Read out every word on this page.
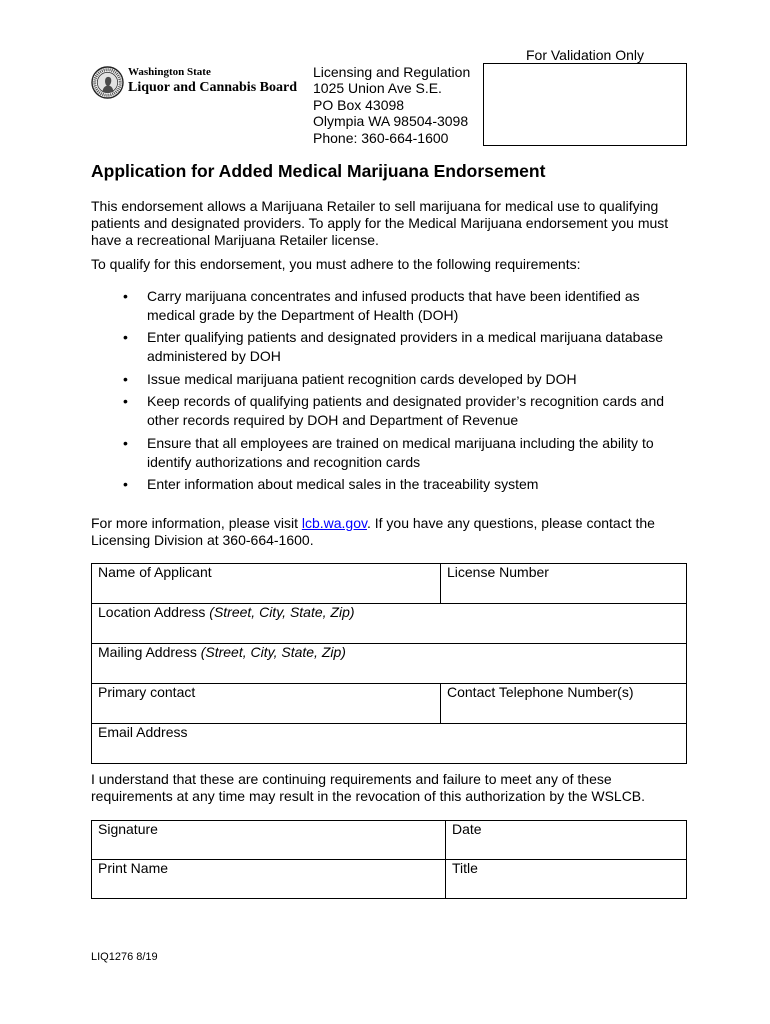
For Validation Only
Washington State
Liquor and Cannabis Board
Licensing and Regulation
1025 Union Ave S.E.
PO Box 43098
Olympia WA 98504-3098
Phone: 360-664-1600
Application for Added Medical Marijuana Endorsement
This endorsement allows a Marijuana Retailer to sell marijuana for medical use to qualifying
patients and designated providers. To apply for the Medical Marijuana endorsement you must
have a recreational Marijuana Retailer license.
To qualify for this endorsement, you must adhere to the following requirements:
• Carry marijuana concentrates and infused products that have been identified as
medical grade by the Department of Health (DOH)
• Enter qualifying patients and designated providers in a medical marijuana database
administered by DOH
• Issue medical marijuana patient recognition cards developed by DOH
• Keep records of qualifying patients and designated provider’s recognition cards and
other records required by DOH and Department of Revenue
• Ensure that all employees are trained on medical marijuana including the ability to
identify authorizations and recognition cards
• Enter information about medical sales in the traceability system
For more information, please visit lcb.wa.gov. If you have any questions, please contact the
Licensing Division at 360-664-1600.
Name of Applicant	License Number
Location Address (Street, City, State, Zip)
Mailing Address (Street, City, State, Zip)
Primary contact	Contact Telephone Number(s)
Email Address
I understand that these are continuing requirements and failure to meet any of these
requirements at any time may result in the revocation of this authorization by the WSLCB.
Signature	Date
Print Name	Title
LIQ1276 8/19
